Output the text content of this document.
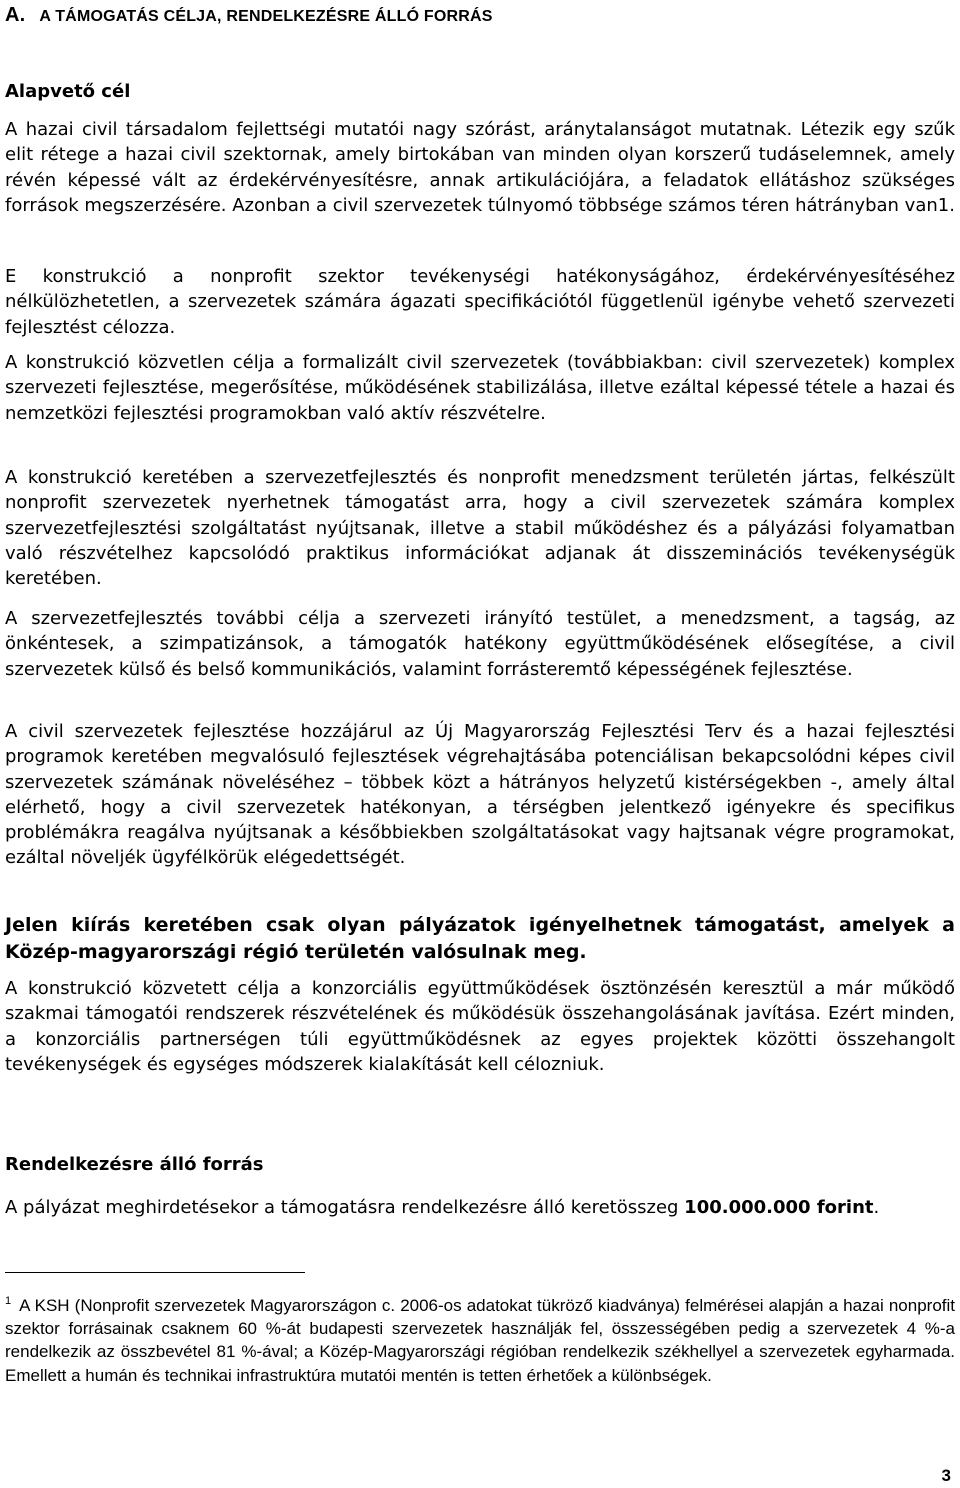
A. A TÁMOGATÁS CÉLJA, RENDELKEZÉSRE ÁLLÓ FORRÁS
Alapvető cél

A hazai civil társadalom fejlettségi mutatói nagy szórást, aránytalanságot mutatnak. Létezik egy szűk elit rétege a hazai civil szektornak, amely birtokában van minden olyan korszerű tudáselemnek, amely révén képessé vált az érdekérvényesítésre, annak artikulációjára, a feladatok ellátáshoz szükséges források megszerzésére. Azonban a civil szervezetek túlnyomó többsége számos téren hátrányban van1.

E konstrukció a nonprofit szektor tevékenységi hatékonyságához, érdekérvényesítéséhez nélkülözhetetlen, a szervezetek számára ágazati specifikációtól függetlenül igénybe vehető szervezeti fejlesztést célozza.

A konstrukció közvetlen célja a formalizált civil szervezetek (továbbiakban: civil szervezetek) komplex szervezeti fejlesztése, megerősítése, működésének stabilizálása, illetve ezáltal képessé tétele a hazai és nemzetközi fejlesztési programokban való aktív részvételre.

A konstrukció keretében a szervezetfejlesztés és nonprofit menedzsment területén jártas, felkészült nonprofit szervezetek nyerhetnek támogatást arra, hogy a civil szervezetek számára komplex szervezetfejlesztési szolgáltatást nyújtsanak, illetve a stabil működéshez és a pályázási folyamatban való részvételhez kapcsolódó praktikus információkat adjanak át disszeminációs tevékenységük keretében.

A szervezetfejlesztés további célja a szervezeti irányító testület, a menedzsment, a tagság, az önkéntesek, a szimpatizánsok, a támogatók hatékony együttműködésének elősegítése, a civil szervezetek külső és belső kommunikációs, valamint forrásteremtő képességének fejlesztése.

A civil szervezetek fejlesztése hozzájárul az Új Magyarország Fejlesztési Terv és a hazai fejlesztési programok keretében megvalósuló fejlesztések végrehajtásába potenciálisan bekapcsolódni képes civil szervezetek számának növeléséhez – többek közt a hátrányos helyzetű kistérségekben -, amely által elérhető, hogy a civil szervezetek hatékonyan, a térségben jelentkező igényekre és specifikus problémákra reagálva nyújtsanak a későbbiekben szolgáltatásokat vagy hajtsanak végre programokat, ezáltal növeljék ügyfélkörük elégedettségét.

Jelen kiírás keretében csak olyan pályázatok igényelhetnek támogatást, amelyek a Közép-magyarországi régió területén valósulnak meg.

A konstrukció közvetett célja a konzorciális együttműködések ösztönzésén keresztül a már működő szakmai támogatói rendszerek részvételének és működésük összehangolásának javítása. Ezért minden, a konzorciális partnerségen túli együttműködésnek az egyes projektek közötti összehangolt tevékenységek és egységes módszerek kialakítását kell célozniuk.

Rendelkezésre álló forrás

A pályázat meghirdetésekor a támogatásra rendelkezésre álló keretösszeg 100.000.000 forint.

$^1$ A KSH (Nonprofit szervezetek Magyarországon c. 2006-os adatokat tükröző kiadványa) felmérései alapján a hazai nonprofit szektor forrásainak csaknem 60 %-át budapesti szervezetek használják fel, összességében pedig a szervezetek 4 %-a rendelkezik az összbevétel 81 %-ával; a Közép-Magyarországi régióban rendelkezik székhellyel a szervezetek egyharmada. Emellett a humán és technikai infrastruktúra mutatói mentén is tetten érhetőek a különbségek.

3
